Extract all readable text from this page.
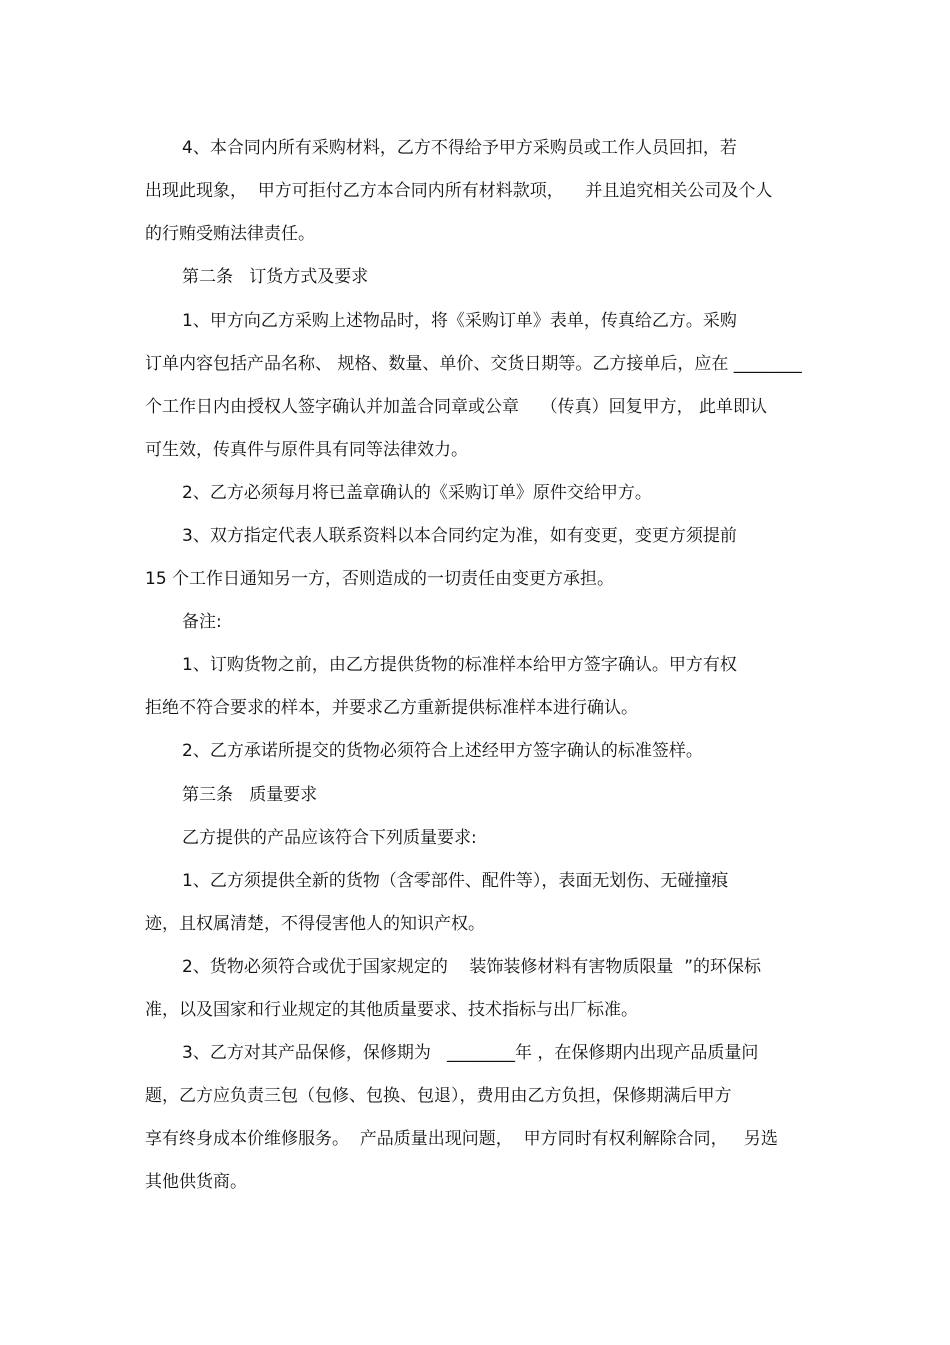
4、本合同内所有采购材料，乙方不得给予甲方采购员或工作人员回扣，若
出现此现象，  甲方可拒付乙方本合同内所有材料款项，    并且追究相关公司及个人
的行贿受贿法律责任。
第二条   订货方式及要求
1、甲方向乙方采购上述物品时，将《采购订单》表单，传真给乙方。采购
订单内容包括产品名称、 规格、数量、单价、交货日期等。乙方接单后，应在 ________
个工作日内由授权人签字确认并加盖合同章或公章    （传真）回复甲方， 此单即认
可生效，传真件与原件具有同等法律效力。
2、乙方必须每月将已盖章确认的《采购订单》原件交给甲方。
3、双方指定代表人联系资料以本合同约定为准，如有变更，变更方须提前
15 个工作日通知另一方，否则造成的一切责任由变更方承担。
备注:
1、订购货物之前，由乙方提供货物的标准样本给甲方签字确认。甲方有权
拒绝不符合要求的样本，并要求乙方重新提供标准样本进行确认。
2、乙方承诺所提交的货物必须符合上述经甲方签字确认的标准签样。
第三条   质量要求
乙方提供的产品应该符合下列质量要求:
1、乙方须提供全新的货物（含零部件、配件等），表面无划伤、无碰撞痕
迹，且权属清楚，不得侵害他人的知识产权。
2、货物必须符合或优于国家规定的    装饰装修材料有害物质限量  ”的环保标
准，以及国家和行业规定的其他质量要求、技术指标与出厂标准。
3、乙方对其产品保修，保修期为   ________年 ，在保修期内出现产品质量问
题，乙方应负责三包（包修、包换、包退），费用由乙方负担，保修期满后甲方
享有终身成本价维修服务。  产品质量出现问题，  甲方同时有权利解除合同，   另选
其他供货商。
